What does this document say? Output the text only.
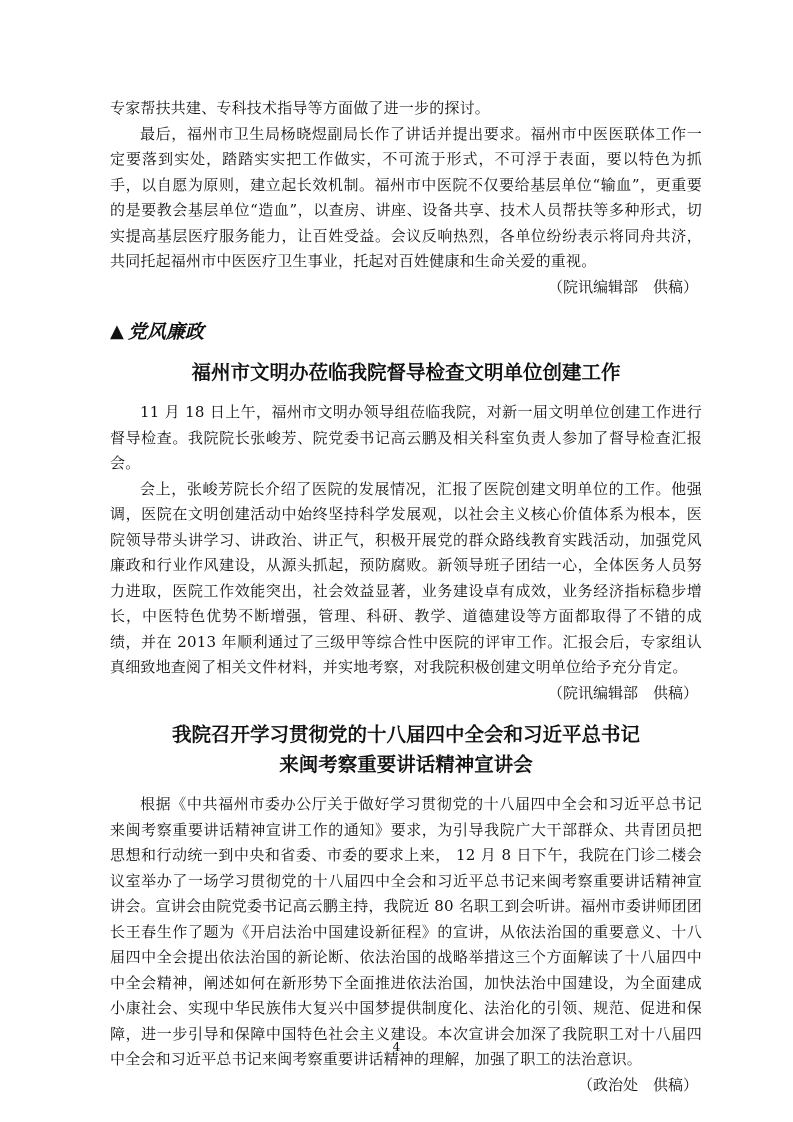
专家帮扶共建、专科技术指导等方面做了进一步的探讨。

最后，福州市卫生局杨晓煜副局长作了讲话并提出要求。福州市中医医联体工作一定要落到实处，踏踏实实把工作做实，不可流于形式，不可浮于表面，要以特色为抓手，以自愿为原则，建立起长效机制。福州市中医院不仅要给基层单位“输血”，更重要的是要教会基层单位“造血”，以查房、讲座、设备共享、技术人员帮扶等多种形式，切实提高基层医疗服务能力，让百姓受益。会议反响热烈，各单位纷纷表示将同舟共济，共同托起福州市中医医疗卫生事业，托起对百姓健康和生命关爱的重视。

（院讯编辑部　供稿）

▲ 党风廉政
福州市文明办莅临我院督导检查文明单位创建工作

11 月 18 日上午，福州市文明办领导组莅临我院，对新一届文明单位创建工作进行督导检查。我院院长张峻芳、院党委书记高云鹏及相关科室负责人参加了督导检查汇报会。

会上，张峻芳院长介绍了医院的发展情况，汇报了医院创建文明单位的工作。他强调，医院在文明创建活动中始终坚持科学发展观，以社会主义核心价值体系为根本，医院领导带头讲学习、讲政治、讲正气，积极开展党的群众路线教育实践活动，加强党风廉政和行业作风建设，从源头抓起，预防腐败。新领导班子团结一心，全体医务人员努力进取，医院工作效能突出，社会效益显著，业务建设卓有成效，业务经济指标稳步增长，中医特色优势不断增强，管理、科研、教学、道德建设等方面都取得了不错的成绩，并在 2013 年顺利通过了三级甲等综合性中医院的评审工作。汇报会后，专家组认真细致地查阅了相关文件材料，并实地考察，对我院积极创建文明单位给予充分肯定。

（院讯编辑部　供稿）

我院召开学习贯彻党的十八届四中全会和习近平总书记
来闽考察重要讲话精神宣讲会

根据《中共福州市委办公厅关于做好学习贯彻党的十八届四中全会和习近平总书记来闽考察重要讲话精神宣讲工作的通知》要求，为引导我院广大干部群众、共青团员把思想和行动统一到中央和省委、市委的要求上来， 12 月 8 日下午，我院在门诊二楼会议室举办了一场学习贯彻党的十八届四中全会和习近平总书记来闽考察重要讲话精神宣讲会。宣讲会由院党委书记高云鹏主持，我院近 80 名职工到会听讲。福州市委讲师团团长王春生作了题为《开启法治中国建设新征程》的宣讲，从依法治国的重要意义、十八届四中全会提出依法治国的新论断、依法治国的战略举措这三个方面解读了十八届四中中全会精神，阐述如何在新形势下全面推进依法治国，加快法治中国建设，为全面建成小康社会、实现中华民族伟大复兴中国梦提供制度化、法治化的引领、规范、促进和保障，进一步引导和保障中国特色社会主义建设。本次宣讲会加深了我院职工对十八届四中全会和习近平总书记来闽考察重要讲话精神的理解，加强了职工的法治意识。

（政治处　供稿）

4
